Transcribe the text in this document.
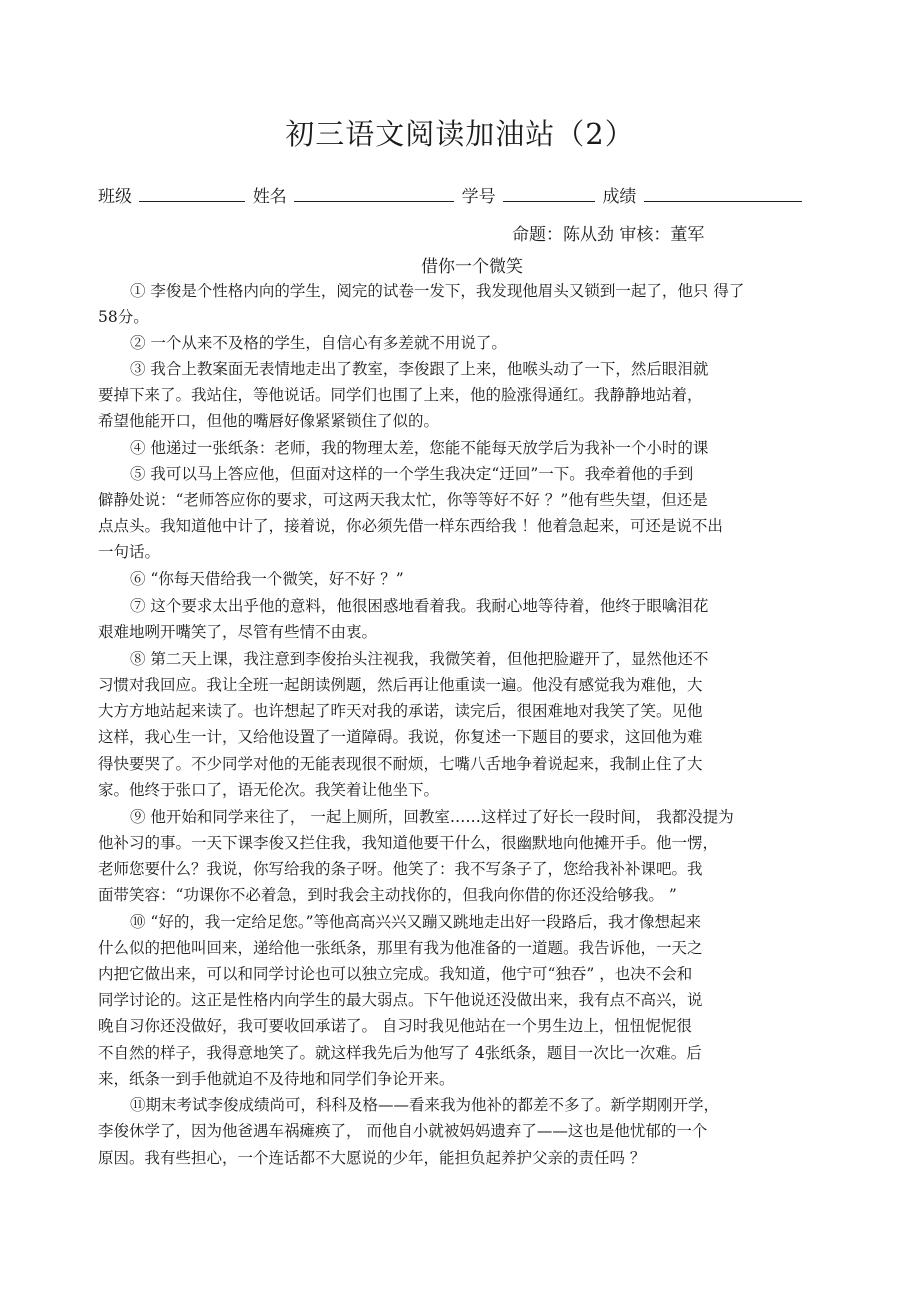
初三语文阅读加油站（2）
班级	姓名	学号	成绩
命题：陈从劲 审核：董军
借你一个微笑
① 李俊是个性格内向的学生，阅完的试卷一发下，我发现他眉头又锁到一起了，他只 得了
58分。
② 一个从来不及格的学生，自信心有多差就不用说了。
③ 我合上教案面无表情地走出了教室，李俊跟了上来，他喉头动了一下，然后眼泪就
要掉下来了。我站住，等他说话。同学们也围了上来，他的脸涨得通红。我静静地站着，
希望他能开口，但他的嘴唇好像紧紧锁住了似的。
④ 他递过一张纸条：老师，我的物理太差，您能不能每天放学后为我补一个小时的课
⑤ 我可以马上答应他，但面对这样的一个学生我决定“迂回”一下。我牵着他的手到
僻静处说：“老师答应你的要求，可这两天我太忙，你等等好不好 ？”他有些失望，但还是
点点头。我知道他中计了，接着说，你必须先借一样东西给我 ！他着急起来，可还是说不出
一句话。
⑥ “你每天借给我一个微笑，好不好 ？”
⑦ 这个要求太出乎他的意料，他很困惑地看着我。我耐心地等待着，他终于眼噙泪花
艰难地咧开嘴笑了，尽管有些情不由衷。
⑧ 第二天上课，我注意到李俊抬头注视我，我微笑着，但他把脸避开了，显然他还不
习惯对我回应。我让全班一起朗读例题，然后再让他重读一遍。他没有感觉我为难他，大
大方方地站起来读了。也许想起了昨天对我的承诺，读完后，很困难地对我笑了笑。见他
这样，我心生一计，又给他设置了一道障碍。我说，你复述一下题目的要求，这回他为难
得快要哭了。不少同学对他的无能表现很不耐烦，七嘴八舌地争着说起来，我制止住了大
家。他终于张口了，语无伦次。我笑着让他坐下。
⑨ 他开始和同学来往了， 一起上厕所，回教室……这样过了好长一段时间， 我都没提为
他补习的事。一天下课李俊又拦住我，我知道他要干什么，很幽默地向他摊开手。他一愣，
老师您要什么？我说，你写给我的条子呀。他笑了：我不写条子了，您给我补补课吧。我
面带笑容：“功课你不必着急，到时我会主动找你的，但我向你借的你还没给够我。 ”
⑩ “好的，我一定给足您。”等他高高兴兴又蹦又跳地走出好一段路后，我才像想起来
什么似的把他叫回来，递给他一张纸条，那里有我为他准备的一道题。我告诉他，一天之
内把它做出来，可以和同学讨论也可以独立完成。我知道，他宁可“独吞” ，也决不会和
同学讨论的。这正是性格内向学生的最大弱点。下午他说还没做出来，我有点不高兴，说
晚自习你还没做好，我可要收回承诺了。 自习时我见他站在一个男生边上，忸忸怩怩很
不自然的样子，我得意地笑了。就这样我先后为他写了 4张纸条，题目一次比一次难。后
来，纸条一到手他就迫不及待地和同学们争论开来。
⑪期末考试李俊成绩尚可，科科及格——看来我为他补的都差不多了。新学期刚开学，
李俊休学了，因为他爸遇车祸瘫痪了， 而他自小就被妈妈遗弃了——这也是他忧郁的一个
原因。我有些担心，一个连话都不大愿说的少年，能担负起养护父亲的责任吗 ？
